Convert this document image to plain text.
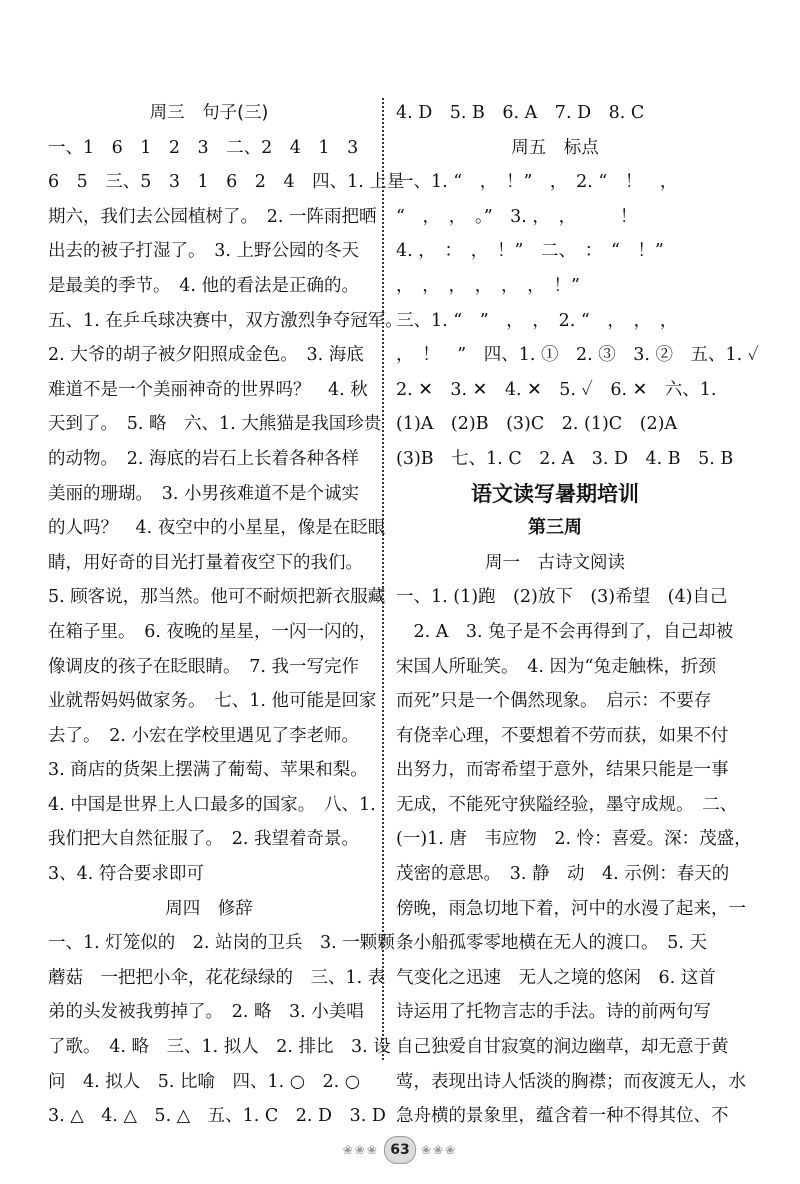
周三　句子(三)
一、1　6　1　2　3　二、2　4　1　3
6　5　三、5　3　1　6　2　4　四、1. 上星
期六，我们去公园植树了。　2. 一阵雨把晒
出去的被子打湿了。　3. 上野公园的冬天
是最美的季节。　4. 他的看法是正确的。
五、1. 在乒乓球决赛中，双方激烈争夺冠军。
2. 大爷的胡子被夕阳照成金色。　3. 海底
难道不是一个美丽神奇的世界吗？　4. 秋
天到了。　5. 略　六、1. 大熊猫是我国珍贵
的动物。　2. 海底的岩石上长着各种各样
美丽的珊瑚。　3. 小男孩难道不是个诚实
的人吗？　4. 夜空中的小星星，像是在眨眼
睛，用好奇的目光打量着夜空下的我们。
5. 顾客说，那当然。他可不耐烦把新衣服藏
在箱子里。　6. 夜晚的星星，一闪一闪的，
像调皮的孩子在眨眼睛。　7. 我一写完作
业就帮妈妈做家务。　七、1. 他可能是回家
去了。　2. 小宏在学校里遇见了李老师。
3. 商店的货架上摆满了葡萄、苹果和梨。
4. 中国是世界上人口最多的国家。　八、1.
我们把大自然征服了。　2. 我望着奇景。
3、4. 符合要求即可
周四　修辞
一、1. 灯笼似的　2. 站岗的卫兵　3. 一颗颗
蘑菇　一把把小伞，花花绿绿的　三、1. 表
弟的头发被我剪掉了。　2. 略　3. 小美唱
了歌。　4. 略　三、1. 拟人　2. 排比　3. 设
问　4. 拟人　5. 比喻　四、1. ○　2. ○
3. △　4. △　5. △　五、1. C　2. D　3. D
4. D　5. B　6. A　7. D　8. C
周五　标点
一、1. “　，　！”　，　2. “　！　，
“　，　，　。”　3. ，　，　　　！
4. ，　：　，　！”　二、　：　“　！”
，　，　，　，　，　，　！”
三、1. “　”　，　，　2. “　，　，　，
，　！　”　四、1. ①　2. ③　3. ②　五、1. ✓
2. ✕　3. ✕　4. ✕　5. ✓　6. ✕　六、1.
(1)A　(2)B　(3)C　2. (1)C　(2)A
(3)B　七、1. C　2. A　3. D　4. B　5. B
语文读写暑期培训
第三周
周一　古诗文阅读
一、1. (1)跑　(2)放下　(3)希望　(4)自己
　2. A　3. 兔子是不会再得到了，自己却被
宋国人所耻笑。　4. 因为“兔走触株，折颈
而死”只是一个偶然现象。　启示：不要存
有侥幸心理，不要想着不劳而获，如果不付
出努力，而寄希望于意外，结果只能是一事
无成，不能死守狭隘经验，墨守成规。　二、
(一)1. 唐　韦应物　2. 怜：喜爱。深：茂盛，
茂密的意思。　3. 静　动　4. 示例：春天的
傍晚，雨急切地下着，河中的水漫了起来，一
条小船孤零零地横在无人的渡口。　5. 天
气变化之迅速　无人之境的悠闲　6. 这首
诗运用了托物言志的手法。诗的前两句写
自己独爱自甘寂寞的涧边幽草，却无意于黄
莺，表现出诗人恬淡的胸襟；而夜渡无人，水
急舟横的景象里，蕴含着一种不得其位、不
❀❀❀ 63 ❀❀❀
